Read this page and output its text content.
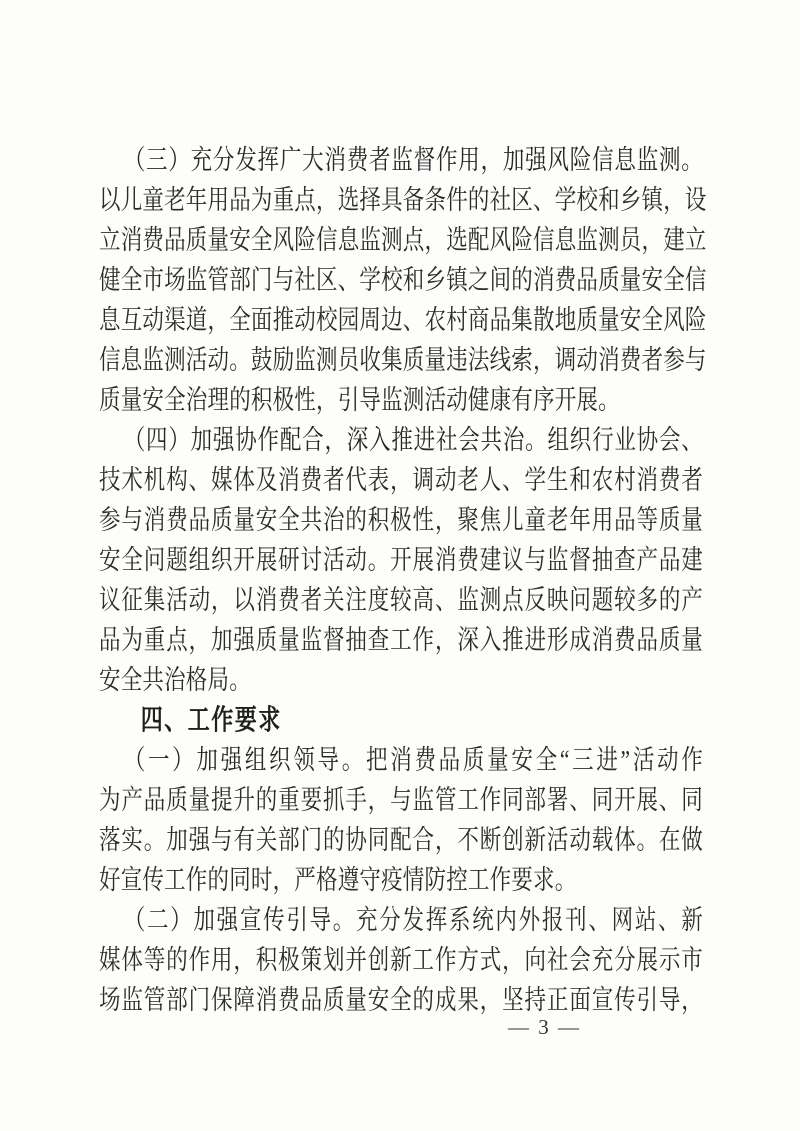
（三）充分发挥广大消费者监督作用，加强风险信息监测。
以儿童老年用品为重点，选择具备条件的社区、学校和乡镇，设
立消费品质量安全风险信息监测点，选配风险信息监测员，建立
健全市场监管部门与社区、学校和乡镇之间的消费品质量安全信
息互动渠道，全面推动校园周边、农村商品集散地质量安全风险
信息监测活动。鼓励监测员收集质量违法线索，调动消费者参与
质量安全治理的积极性，引导监测活动健康有序开展。
（四）加强协作配合，深入推进社会共治。组织行业协会、
技术机构、媒体及消费者代表，调动老人、学生和农村消费者
参与消费品质量安全共治的积极性，聚焦儿童老年用品等质量
安全问题组织开展研讨活动。开展消费建议与监督抽查产品建
议征集活动，以消费者关注度较高、监测点反映问题较多的产
品为重点，加强质量监督抽查工作，深入推进形成消费品质量
安全共治格局。
四、工作要求
（一）加强组织领导。把消费品质量安全“三进”活动作
为产品质量提升的重要抓手，与监管工作同部署、同开展、同
落实。加强与有关部门的协同配合，不断创新活动载体。在做
好宣传工作的同时，严格遵守疫情防控工作要求。
（二）加强宣传引导。充分发挥系统内外报刊、网站、新
媒体等的作用，积极策划并创新工作方式，向社会充分展示市
场监管部门保障消费品质量安全的成果，坚持正面宣传引导，
— 3 —
